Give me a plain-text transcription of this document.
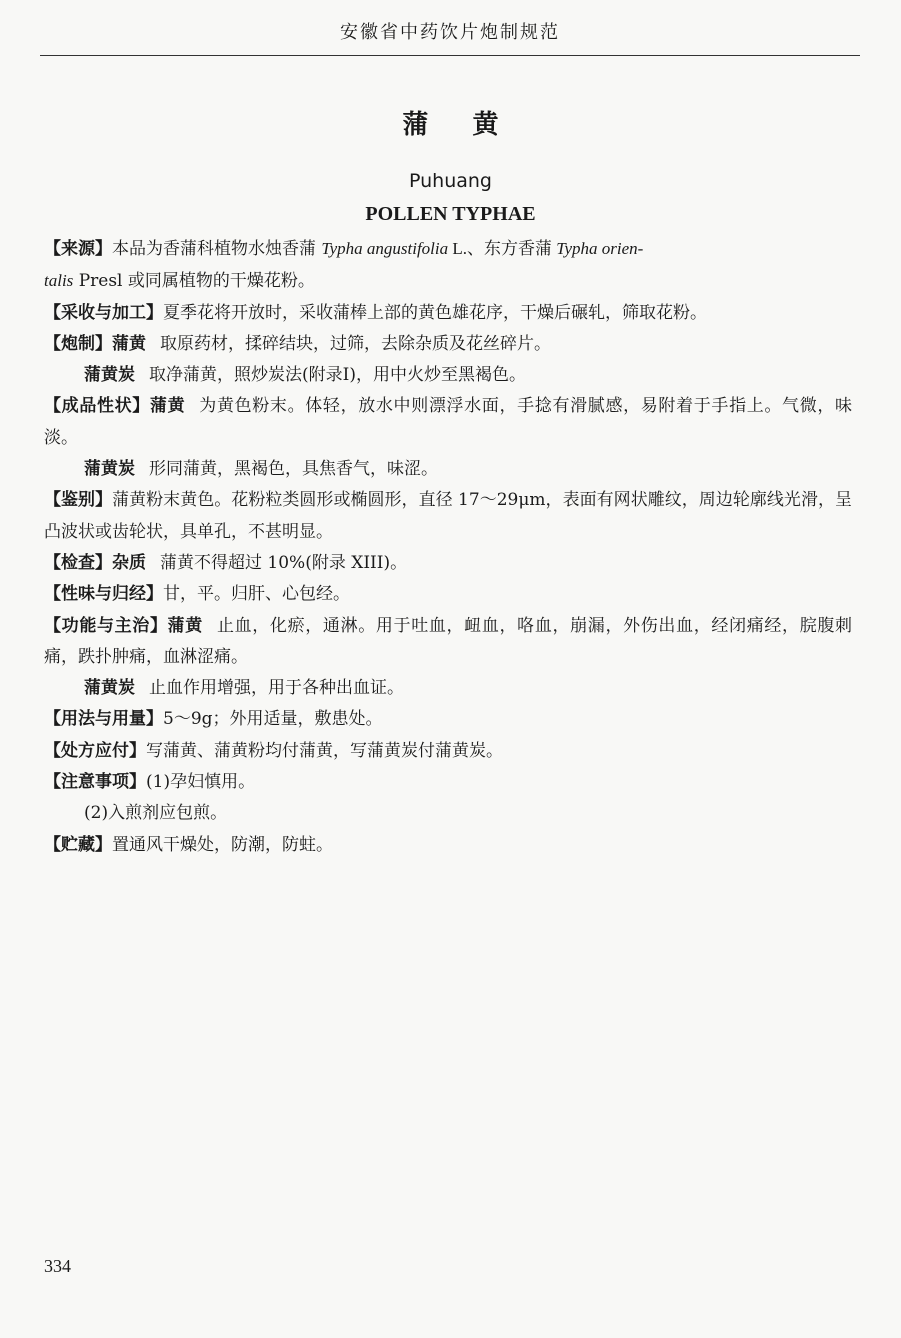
安徽省中药饮片炮制规范
蒲 黄
Puhuang
POLLEN TYPHAE

【来源】本品为香蒲科植物水烛香蒲 Typha angustifolia L.、东方香蒲 Typha orien-

talis Presl 或同属植物的干燥花粉。

【采收与加工】夏季花将开放时，采收蒲棒上部的黄色雄花序，干燥后碾轧，筛取花粉。

【炮制】蒲黄 取原药材，揉碎结块，过筛，去除杂质及花丝碎片。

蒲黄炭 取净蒲黄，照炒炭法(附录Ⅰ)，用中火炒至黑褐色。

【成品性状】蒲黄 为黄色粉末。体轻，放水中则漂浮水面，手捻有滑腻感，易附着于手指上。气微，味淡。

蒲黄炭 形同蒲黄，黑褐色，具焦香气，味涩。

【鉴别】蒲黄粉末黄色。花粉粒类圆形或椭圆形，直径 17～29μm，表面有网状雕纹，周边轮廓线光滑，呈凸波状或齿轮状，具单孔，不甚明显。

【检查】杂质 蒲黄不得超过 10%(附录 XIII)。

【性味与归经】甘，平。归肝、心包经。

【功能与主治】蒲黄 止血，化瘀，通淋。用于吐血，衄血，咯血，崩漏，外伤出血，经闭痛经，脘腹刺痛，跌扑肿痛，血淋涩痛。

蒲黄炭 止血作用增强，用于各种出血证。

【用法与用量】5～9g；外用适量，敷患处。

【处方应付】写蒲黄、蒲黄粉均付蒲黄，写蒲黄炭付蒲黄炭。

【注意事项】(1)孕妇慎用。

(2)入煎剂应包煎。

【贮藏】置通风干燥处，防潮，防蛀。

334
